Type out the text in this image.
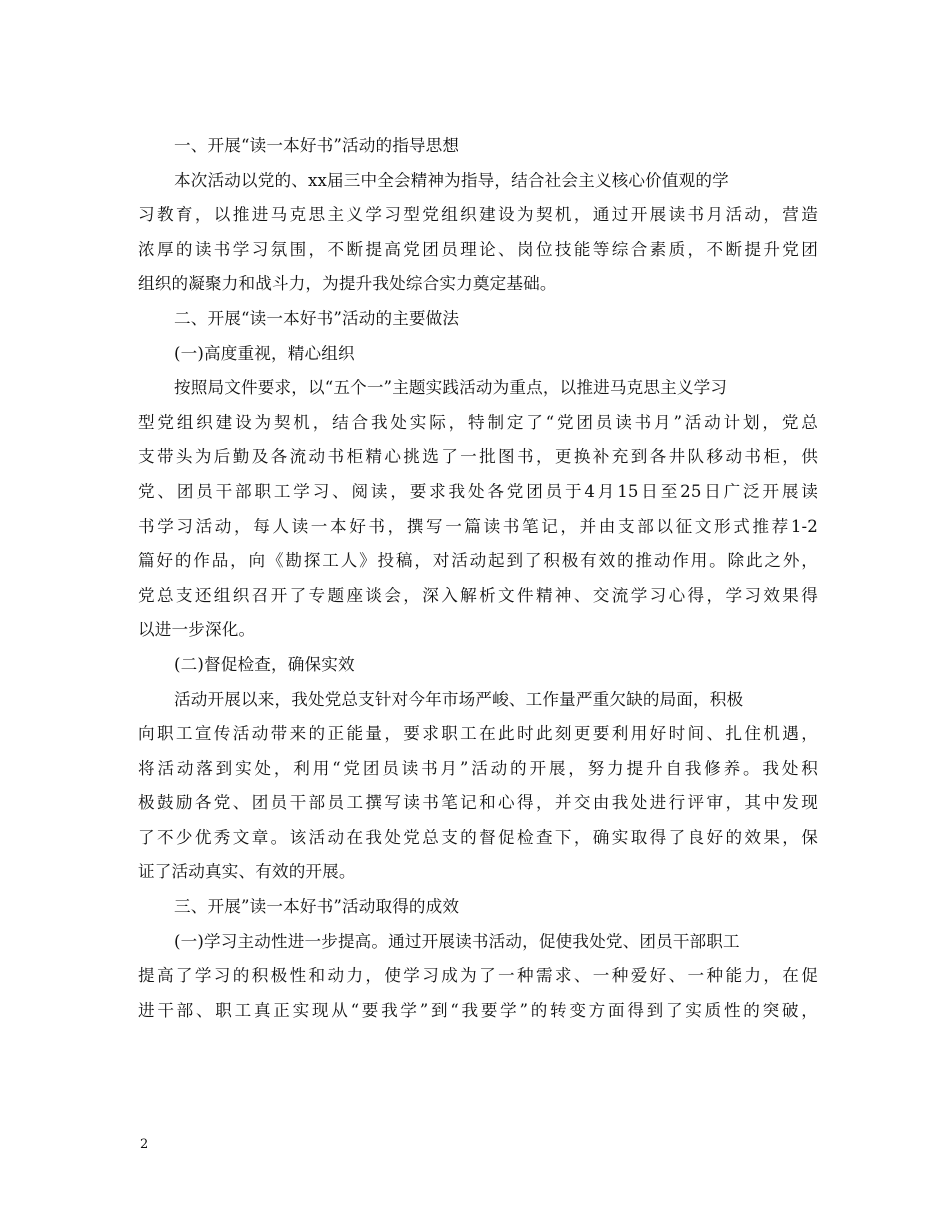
一、开展“读一本好书”活动的指导思想
本次活动以党的、xx届三中全会精神为指导，结合社会主义核心价值观的学
习教育，以推进马克思主义学习型党组织建设为契机，通过开展读书月活动，营造
浓厚的读书学习氛围，不断提高党团员理论、岗位技能等综合素质，不断提升党团
组织的凝聚力和战斗力，为提升我处综合实力奠定基础。
二、开展“读一本好书”活动的主要做法
(一)高度重视，精心组织
按照局文件要求，以“五个一”主题实践活动为重点，以推进马克思主义学习
型党组织建设为契机，结合我处实际，特制定了“党团员读书月”活动计划，党总
支带头为后勤及各流动书柜精心挑选了一批图书，更换补充到各井队移动书柜，供
党、团员干部职工学习、阅读，要求我处各党团员于4月15日至25日广泛开展读
书学习活动，每人读一本好书，撰写一篇读书笔记，并由支部以征文形式推荐1-2
篇好的作品，向《勘探工人》投稿，对活动起到了积极有效的推动作用。除此之外，
党总支还组织召开了专题座谈会，深入解析文件精神、交流学习心得，学习效果得
以进一步深化。
(二)督促检查，确保实效
活动开展以来，我处党总支针对今年市场严峻、工作量严重欠缺的局面，积极
向职工宣传活动带来的正能量，要求职工在此时此刻更要利用好时间、扎住机遇，
将活动落到实处，利用“党团员读书月”活动的开展，努力提升自我修养。我处积
极鼓励各党、团员干部员工撰写读书笔记和心得，并交由我处进行评审，其中发现
了不少优秀文章。该活动在我处党总支的督促检查下，确实取得了良好的效果，保
证了活动真实、有效的开展。
三、开展”读一本好书”活动取得的成效
(一)学习主动性进一步提高。通过开展读书活动，促使我处党、团员干部职工
提高了学习的积极性和动力，使学习成为了一种需求、一种爱好、一种能力，在促
进干部、职工真正实现从“要我学”到“我要学”的转变方面得到了实质性的突破，
2
